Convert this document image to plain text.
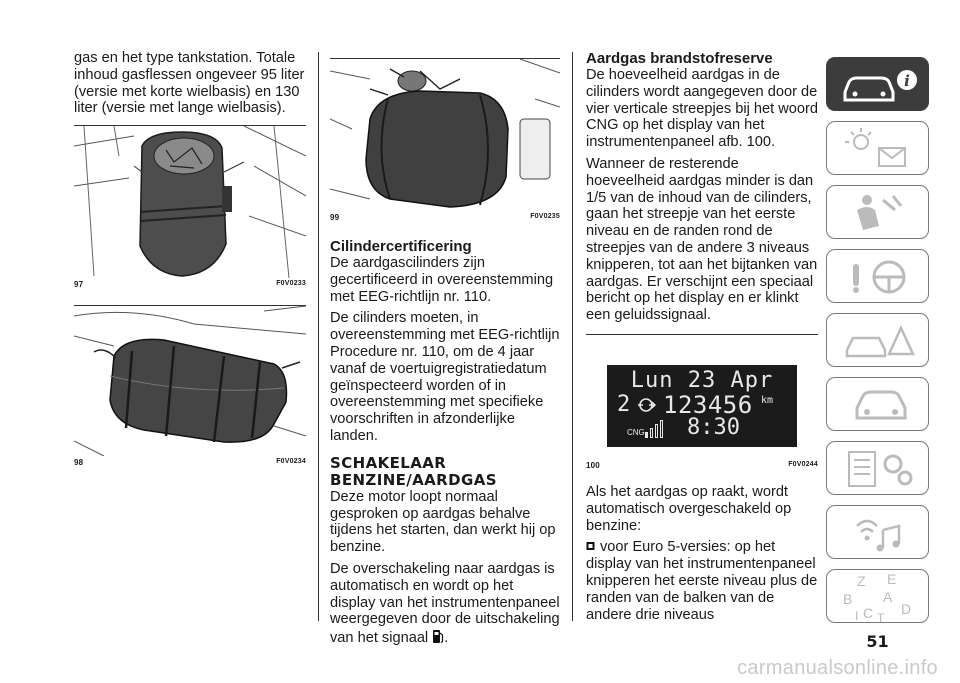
gas en het type tankstation. Totale inhoud gasflessen ongeveer 95 liter (versie met korte wielbasis) en 130 liter (versie met lange wielbasis).

97	F0V0233
98	F0V0234
99	F0V0235

Cilindercertificering

De aardgascilinders zijn gecertificeerd in overeenstemming met EEG-richtlijn nr. 110.

De cilinders moeten, in overeenstemming met EEG-richtlijn Procedure nr. 110, om de 4 jaar vanaf de voertuigregistratiedatum geïnspecteerd worden of in overeenstemming met specifieke voorschriften in afzonderlijke landen.

SCHAKELAAR
BENZINE/AARDGAS

Deze motor loopt normaal gesproken op aardgas behalve tijdens het starten, dan werkt hij op benzine.

De overschakeling naar aardgas is automatisch en wordt op het display van het instrumentenpaneel weergegeven door de uitschakeling van het signaal .

Aardgas brandstofreserve

De hoeveelheid aardgas in de cilinders wordt aangegeven door de vier verticale streepjes bij het woord CNG op het display van het instrumentenpaneel afb. 100.

Wanneer de resterende hoeveelheid aardgas minder is dan 1/5 van de inhoud van de cilinders, gaan het streepje van het eerste niveau en de randen rond de streepjes van de andere 3 niveaus knipperen, tot aan het bijtanken van aardgas. Er verschijnt een speciaal bericht op het display en er klinkt een geluidssignaal.

Lun 23 Apr
2 123456 km
CNG 8:30
100	F0V0244

Als het aardgas op raakt, wordt automatisch overgeschakeld op benzine:

voor Euro 5-versies: op het display van het instrumentenpaneel knipperen het eerste niveau plus de randen van de balken van de andere drie niveaus

i
Z E
B A
I C T
D
51
carmanualsonline.info
